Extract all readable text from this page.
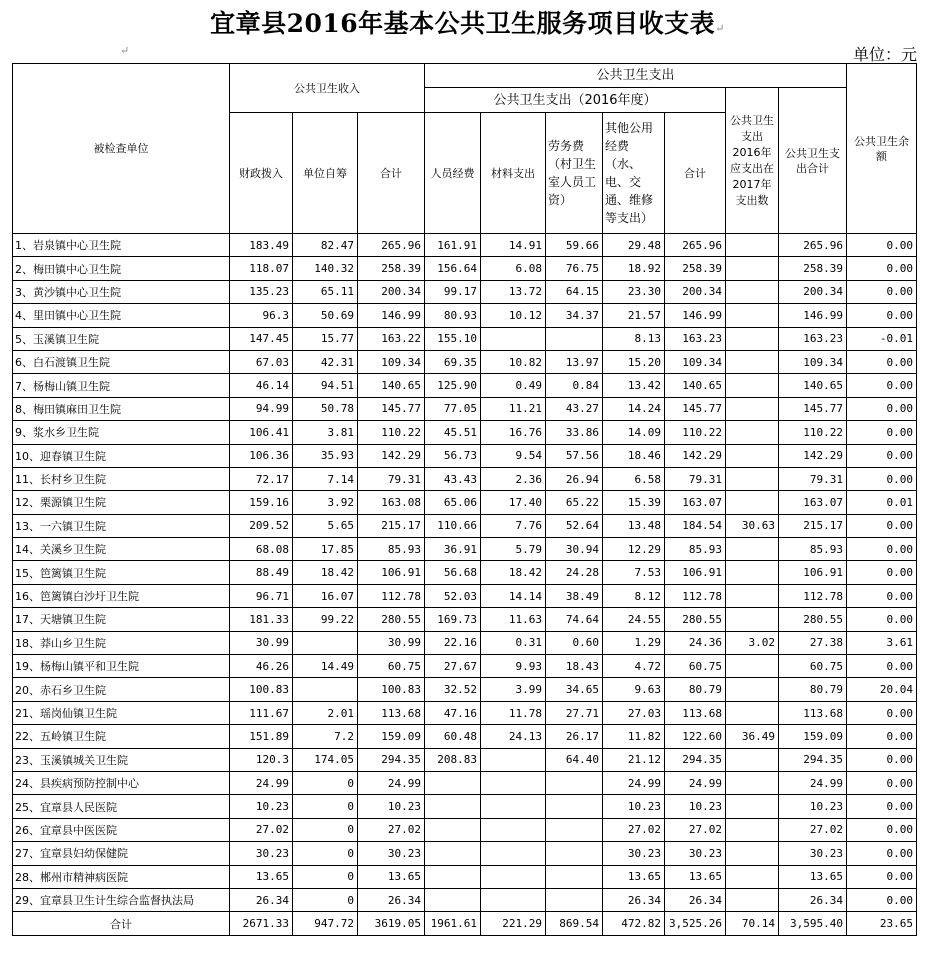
宜章县2016年基本公共卫生服务项目收支表↵
↵	单位：元
被检查单位	公共卫生收入			公共卫生支出							公共卫生余额
				公共卫生支出（2016年度）					公共卫生支出2016年应支出在2017年支出数	公共卫生支出合计	
	财政拨入	单位自筹	合计	人员经费	材料支出	劳务费（村卫生室人员工资）	其他公用经费（水、电、交通、维修等支出）	合计			
1、岩泉镇中心卫生院	183.49	82.47	265.96	161.91	14.91	59.66	29.48	265.96		265.96	0.00
2、梅田镇中心卫生院	118.07	140.32	258.39	156.64	6.08	76.75	18.92	258.39		258.39	0.00
3、黄沙镇中心卫生院	135.23	65.11	200.34	99.17	13.72	64.15	23.30	200.34		200.34	0.00
4、里田镇中心卫生院	96.3	50.69	146.99	80.93	10.12	34.37	21.57	146.99		146.99	0.00
5、玉溪镇卫生院	147.45	15.77	163.22	155.10			8.13	163.23		163.23	-0.01
6、白石渡镇卫生院	67.03	42.31	109.34	69.35	10.82	13.97	15.20	109.34		109.34	0.00
7、杨梅山镇卫生院	46.14	94.51	140.65	125.90	0.49	0.84	13.42	140.65		140.65	0.00
8、梅田镇麻田卫生院	94.99	50.78	145.77	77.05	11.21	43.27	14.24	145.77		145.77	0.00
9、浆水乡卫生院	106.41	3.81	110.22	45.51	16.76	33.86	14.09	110.22		110.22	0.00
10、迎春镇卫生院	106.36	35.93	142.29	56.73	9.54	57.56	18.46	142.29		142.29	0.00
11、长村乡卫生院	72.17	7.14	79.31	43.43	2.36	26.94	6.58	79.31		79.31	0.00
12、栗源镇卫生院	159.16	3.92	163.08	65.06	17.40	65.22	15.39	163.07		163.07	0.01
13、一六镇卫生院	209.52	5.65	215.17	110.66	7.76	52.64	13.48	184.54	30.63	215.17	0.00
14、关溪乡卫生院	68.08	17.85	85.93	36.91	5.79	30.94	12.29	85.93		85.93	0.00
15、笆篱镇卫生院	88.49	18.42	106.91	56.68	18.42	24.28	7.53	106.91		106.91	0.00
16、笆篱镇白沙圩卫生院	96.71	16.07	112.78	52.03	14.14	38.49	8.12	112.78		112.78	0.00
17、天塘镇卫生院	181.33	99.22	280.55	169.73	11.63	74.64	24.55	280.55		280.55	0.00
18、莽山乡卫生院	30.99		30.99	22.16	0.31	0.60	1.29	24.36	3.02	27.38	3.61
19、杨梅山镇平和卫生院	46.26	14.49	60.75	27.67	9.93	18.43	4.72	60.75		60.75	0.00
20、赤石乡卫生院	100.83		100.83	32.52	3.99	34.65	9.63	80.79		80.79	20.04
21、瑶岗仙镇卫生院	111.67	2.01	113.68	47.16	11.78	27.71	27.03	113.68		113.68	0.00
22、五岭镇卫生院	151.89	7.2	159.09	60.48	24.13	26.17	11.82	122.60	36.49	159.09	0.00
23、玉溪镇城关卫生院	120.3	174.05	294.35	208.83		64.40	21.12	294.35		294.35	0.00
24、县疾病预防控制中心	24.99	0	24.99				24.99	24.99		24.99	0.00
25、宜章县人民医院	10.23	0	10.23				10.23	10.23		10.23	0.00
26、宜章县中医医院	27.02	0	27.02				27.02	27.02		27.02	0.00
27、宜章县妇幼保健院	30.23	0	30.23				30.23	30.23		30.23	0.00
28、郴州市精神病医院	13.65	0	13.65				13.65	13.65		13.65	0.00
29、宜章县卫生计生综合监督执法局	26.34	0	26.34				26.34	26.34		26.34	0.00
合计	2671.33	947.72	3619.05	1961.61	221.29	869.54	472.82	3,525.26	70.14	3,595.40	23.65
